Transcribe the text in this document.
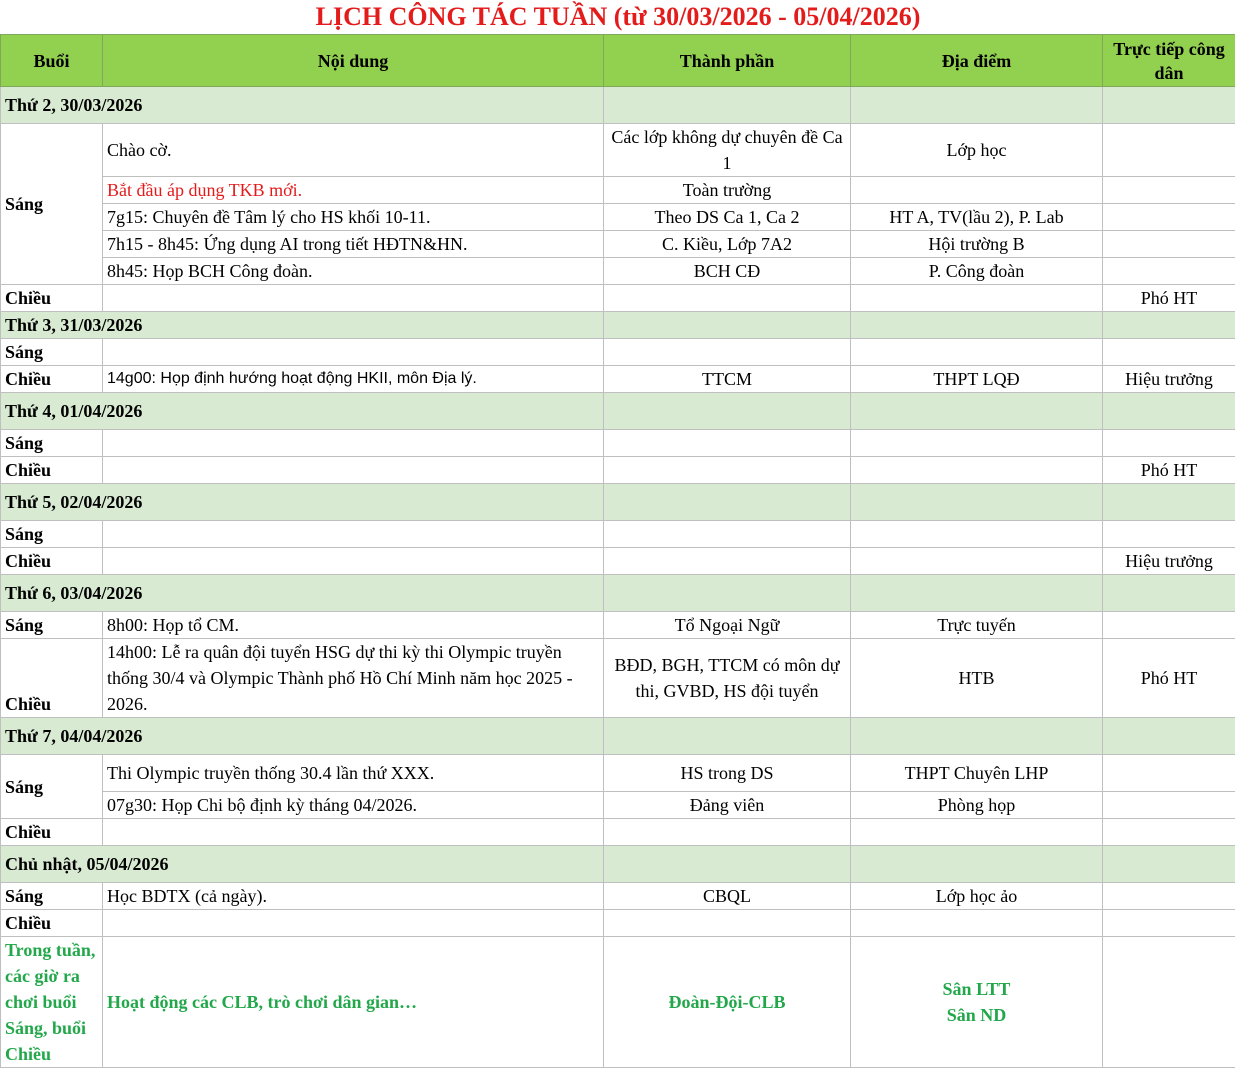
LỊCH CÔNG TÁC TUẦN (từ 30/03/2026 - 05/04/2026)				
Buổi	Nội dung	Thành phần	Địa điểm	Trực tiếp công dân
Thứ 2, 30/03/2026				
Sáng	Chào cờ.	Các lớp không dự chuyên đề Ca 1	Lớp học	
	Bắt đầu áp dụng TKB mới.	Toàn trường		
	7g15: Chuyên đề Tâm lý cho HS khối 10-11.	Theo DS Ca 1, Ca 2	HT A, TV(lầu 2), P. Lab	
	7h15 - 8h45: Ứng dụng AI trong tiết HĐTN&HN.	C. Kiều, Lớp 7A2	Hội trường B	
	8h45: Họp BCH Công đoàn.	BCH CĐ	P. Công đoàn	
Chiều				Phó HT
Thứ 3, 31/03/2026				
Sáng				
Chiều	14g00: Họp định hướng hoạt động HKII, môn Địa lý.	TTCM	THPT LQĐ	Hiệu trưởng
Thứ 4, 01/04/2026				
Sáng				
Chiều				Phó HT
Thứ 5, 02/04/2026				
Sáng				
Chiều				Hiệu trưởng
Thứ 6, 03/04/2026				
Sáng	8h00: Họp tổ CM.	Tổ Ngoại Ngữ	Trực tuyến	
Chiều	14h00: Lễ ra quân đội tuyển HSG dự thi kỳ thi Olympic truyền thống 30/4 và Olympic Thành phố Hồ Chí Minh năm học 2025 - 2026.	BĐD, BGH, TTCM có môn dự thi, GVBD, HS đội tuyển	HTB	Phó HT
Thứ 7, 04/04/2026				
Sáng	Thi Olympic truyền thống 30.4 lần thứ XXX.	HS trong DS	THPT Chuyên LHP	
	07g30: Họp Chi bộ định kỳ tháng 04/2026.	Đảng viên	Phòng họp	
Chiều				
Chủ nhật, 05/04/2026				
Sáng	Học BDTX (cả ngày).	CBQL	Lớp học ảo	
Chiều				
Trong tuần, các giờ ra chơi buổi Sáng, buổi Chiều	Hoạt động các CLB, trò chơi dân gian…	Đoàn-Đội-CLB	Sân LTT
Sân ND	
